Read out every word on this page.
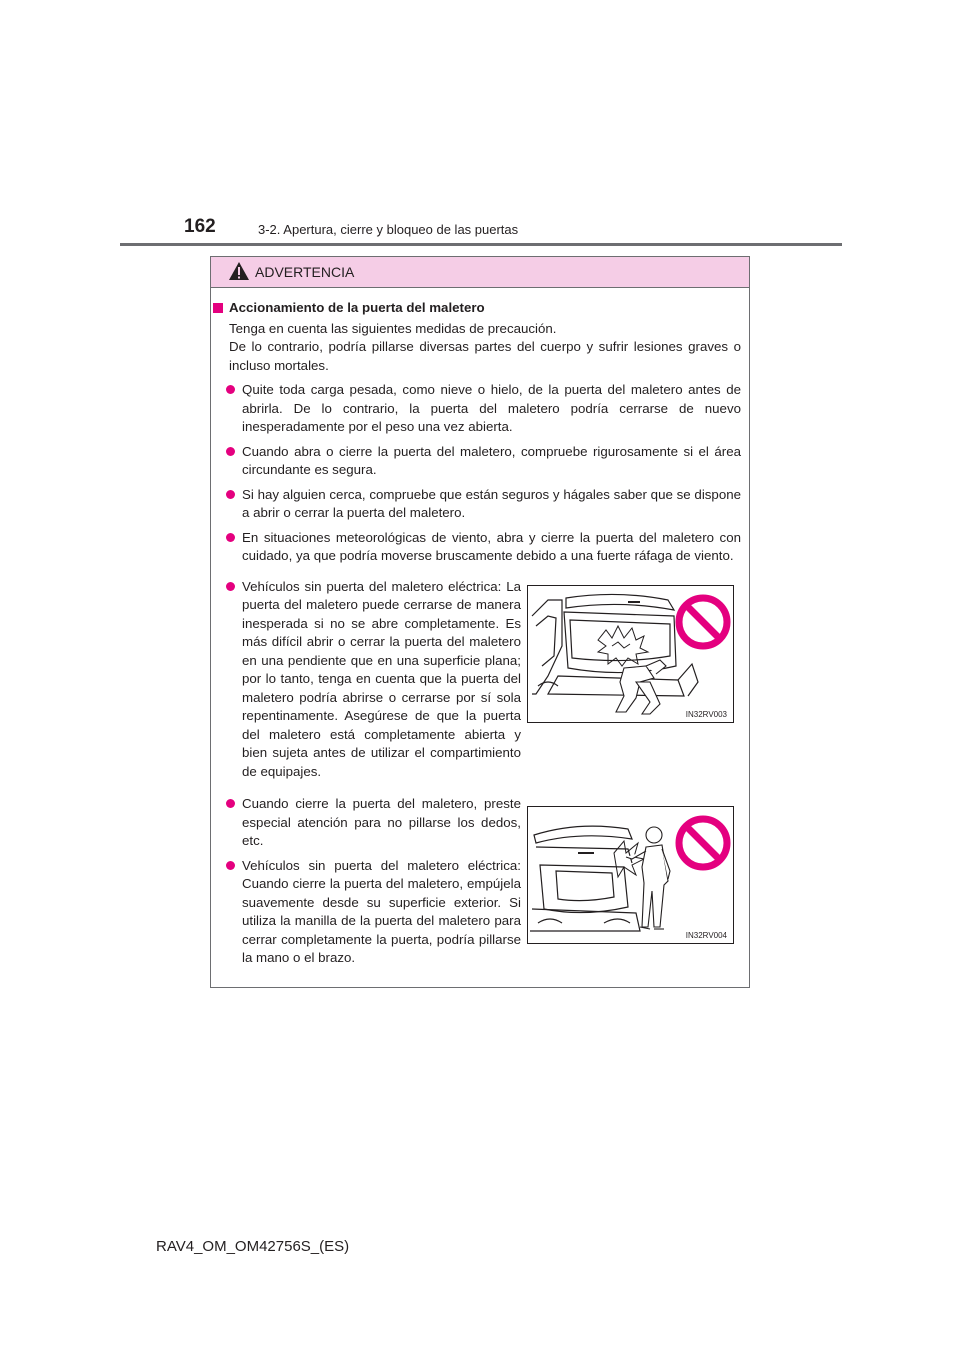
162	3-2. Apertura, cierre y bloqueo de las puertas
ADVERTENCIA
Accionamiento de la puerta del maletero

Tenga en cuenta las siguientes medidas de precaución.

De lo contrario, podría pillarse diversas partes del cuerpo y sufrir lesiones graves o incluso mortales.

Quite toda carga pesada, como nieve o hielo, de la puerta del maletero antes de abrirla. De lo contrario, la puerta del maletero podría cerrarse de nuevo inesperadamente por el peso una vez abierta.
Cuando abra o cierre la puerta del maletero, compruebe rigurosamente si el área circundante es segura.
Si hay alguien cerca, compruebe que están seguros y hágales saber que se dispone a abrir o cerrar la puerta del maletero.
En situaciones meteorológicas de viento, abra y cierre la puerta del maletero con cuidado, ya que podría moverse bruscamente debido a una fuerte ráfaga de viento.
Vehículos sin puerta del maletero eléctrica: La puerta del maletero puede cerrarse de manera inesperada si no se abre completamente. Es más difícil abrir o cerrar la puerta del maletero en una pendiente que en una superficie plana; por lo tanto, tenga en cuenta que la puerta del maletero podría abrirse o cerrarse por sí sola repentinamente. Asegúrese de que la puerta del maletero está completamente abierta y bien sujeta antes de utilizar el compartimiento de equipajes.
Cuando cierre la puerta del maletero, preste especial atención para no pillarse los dedos, etc.
Vehículos sin puerta del maletero eléctrica: Cuando cierre la puerta del maletero, empújela suavemente desde su superficie exterior. Si utiliza la manilla de la puerta del maletero para cerrar completamente la puerta, podría pillarse la mano o el brazo.
IN32RV003
IN32RV004
RAV4_OM_OM42756S_(ES)
